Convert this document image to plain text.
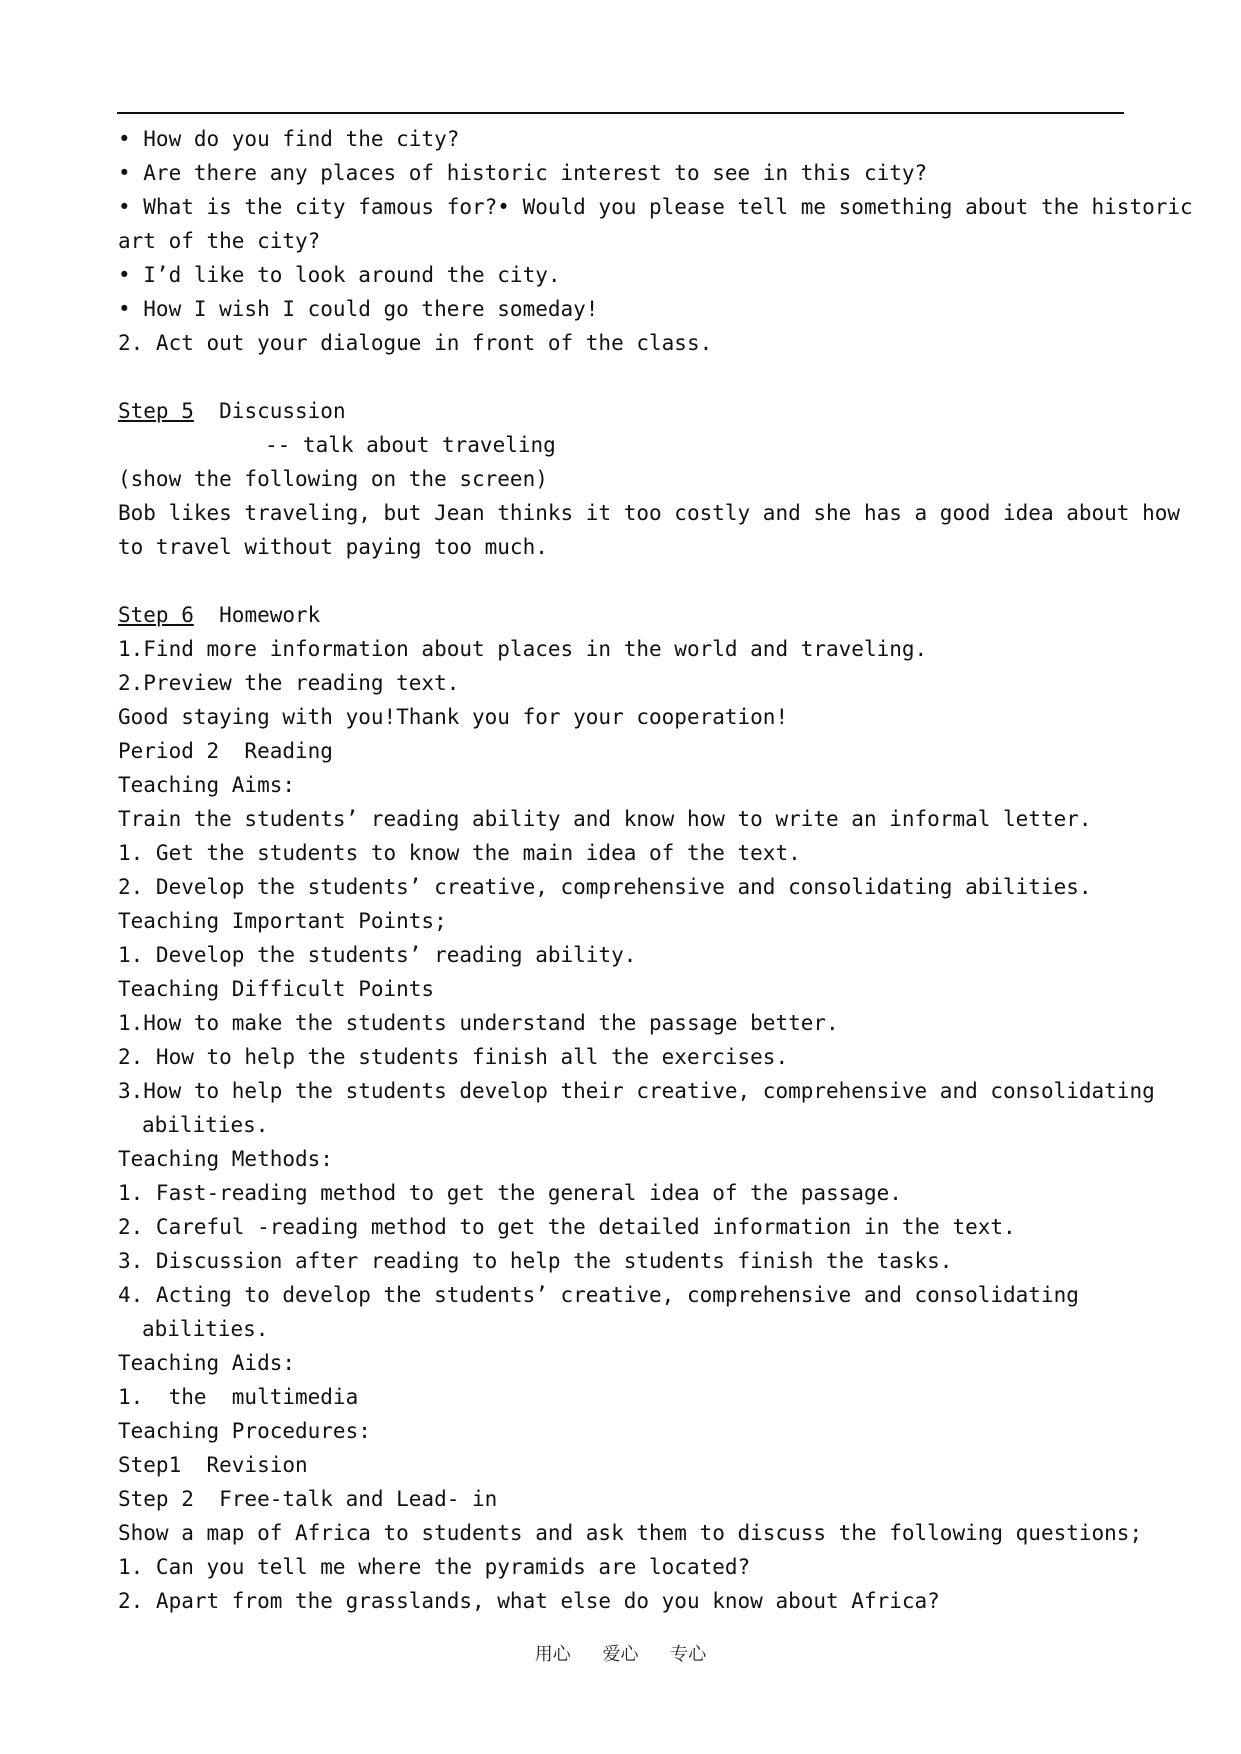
• How do you find the city?

• Are there any places of historic interest to see in this city?

• What is the city famous for?• Would you please tell me something about the historic

art of the city?

• I’d like to look around the city.

• How I wish I could go there someday!

2. Act out your dialogue in front of the class.

Step 5 Discussion

-- talk about traveling

(show the following on the screen)

Bob likes traveling, but Jean thinks it too costly and she has a good idea about how

to travel without paying too much.

Step 6 Homework

1.Find more information about places in the world and traveling.

2.Preview the reading text.

Good staying with you!Thank you for your cooperation!

Period 2  Reading

Teaching Aims:

Train the students’ reading ability and know how to write an informal letter.

1. Get the students to know the main idea of the text.

2. Develop the students’ creative, comprehensive and consolidating abilities.

Teaching Important Points;

1. Develop the students’ reading ability.

Teaching Difficult Points

1.How to make the students understand the passage better.

2. How to help the students finish all the exercises.

3.How to help the students develop their creative, comprehensive and consolidating

abilities.

Teaching Methods:

1. Fast-reading method to get the general idea of the passage.

2. Careful -reading method to get the detailed information in the text.

3. Discussion after reading to help the students finish the tasks.

4. Acting to develop the students’ creative, comprehensive and consolidating

abilities.

Teaching Aids:

1.  the  multimedia

Teaching Procedures:

Step1  Revision

Step 2  Free-talk and Lead- in

Show a map of Africa to students and ask them to discuss the following questions;

1. Can you tell me where the pyramids are located?

2. Apart from the grasslands, what else do you know about Africa?

用心 爱心 专心
